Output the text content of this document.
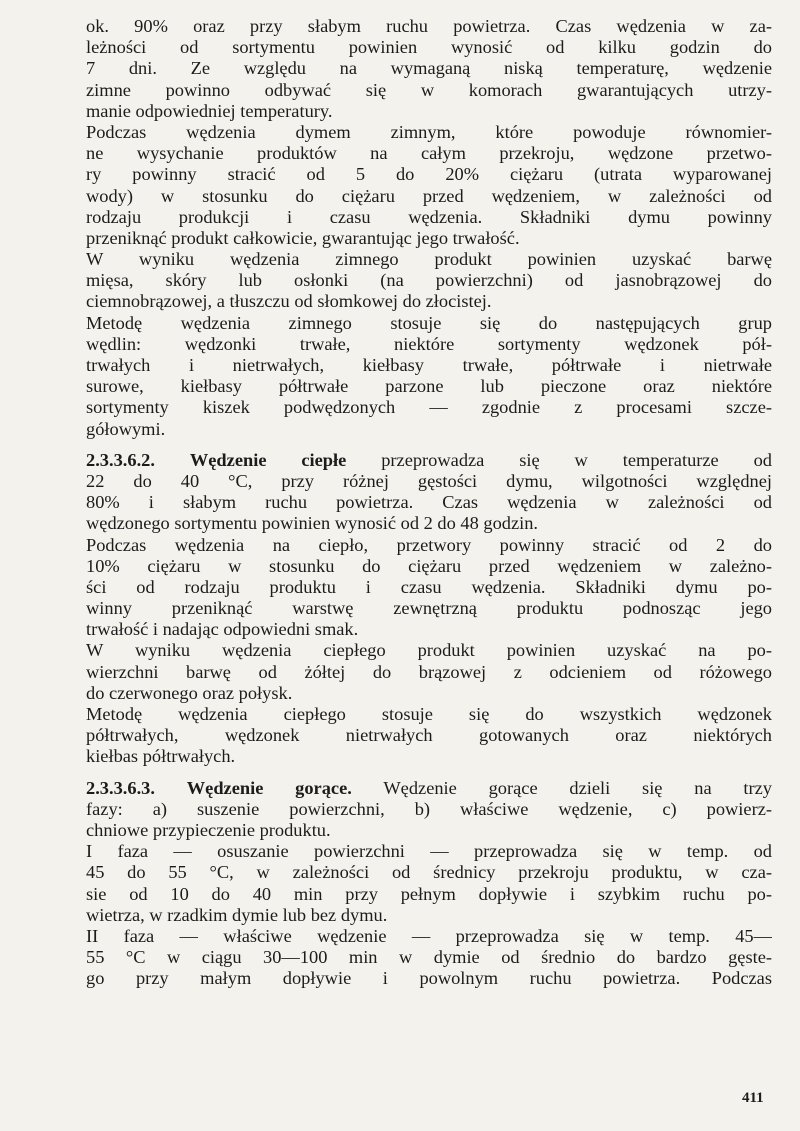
ok. 90% oraz przy słabym ruchu powietrza. Czas wędzenia w za-
leżności od sortymentu powinien wynosić od kilku godzin do
7 dni. Ze względu na wymaganą niską temperaturę, wędzenie
zimne powinno odbywać się w komorach gwarantujących utrzy-
manie odpowiedniej temperatury.
Podczas wędzenia dymem zimnym, które powoduje równomier-
ne wysychanie produktów na całym przekroju, wędzone przetwo-
ry powinny stracić od 5 do 20% ciężaru (utrata wyparowanej
wody) w stosunku do ciężaru przed wędzeniem, w zależności od
rodzaju produkcji i czasu wędzenia. Składniki dymu powinny
przeniknąć produkt całkowicie, gwarantując jego trwałość.
W wyniku wędzenia zimnego produkt powinien uzyskać barwę
mięsa, skóry lub osłonki (na powierzchni) od jasnobrązowej do
ciemnobrązowej, a tłuszczu od słomkowej do złocistej.
Metodę wędzenia zimnego stosuje się do następujących grup
wędlin: wędzonki trwałe, niektóre sortymenty wędzonek pół-
trwałych i nietrwałych, kiełbasy trwałe, półtrwałe i nietrwałe
surowe, kiełbasy półtrwałe parzone lub pieczone oraz niektóre
sortymenty kiszek podwędzonych — zgodnie z procesami szcze-
gółowymi.
2.3.3.6.2. Wędzenie ciepłe przeprowadza się w temperaturze od
22 do 40 °C, przy różnej gęstości dymu, wilgotności względnej
80% i słabym ruchu powietrza. Czas wędzenia w zależności od
wędzonego sortymentu powinien wynosić od 2 do 48 godzin.
Podczas wędzenia na ciepło, przetwory powinny stracić od 2 do
10% ciężaru w stosunku do ciężaru przed wędzeniem w zależno-
ści od rodzaju produktu i czasu wędzenia. Składniki dymu po-
winny przeniknąć warstwę zewnętrzną produktu podnosząc jego
trwałość i nadając odpowiedni smak.
W wyniku wędzenia ciepłego produkt powinien uzyskać na po-
wierzchni barwę od żółtej do brązowej z odcieniem od różowego
do czerwonego oraz połysk.
Metodę wędzenia ciepłego stosuje się do wszystkich wędzonek
półtrwałych, wędzonek nietrwałych gotowanych oraz niektórych
kiełbas półtrwałych.
2.3.3.6.3. Wędzenie gorące. Wędzenie gorące dzieli się na trzy
fazy: a) suszenie powierzchni, b) właściwe wędzenie, c) powierz-
chniowe przypieczenie produktu.
I faza — osuszanie powierzchni — przeprowadza się w temp. od
45 do 55 °C, w zależności od średnicy przekroju produktu, w cza-
sie od 10 do 40 min przy pełnym dopływie i szybkim ruchu po-
wietrza, w rzadkim dymie lub bez dymu.
II faza — właściwe wędzenie — przeprowadza się w temp. 45—
55 °C w ciągu 30—100 min w dymie od średnio do bardzo gęste-
go przy małym dopływie i powolnym ruchu powietrza. Podczas
411
